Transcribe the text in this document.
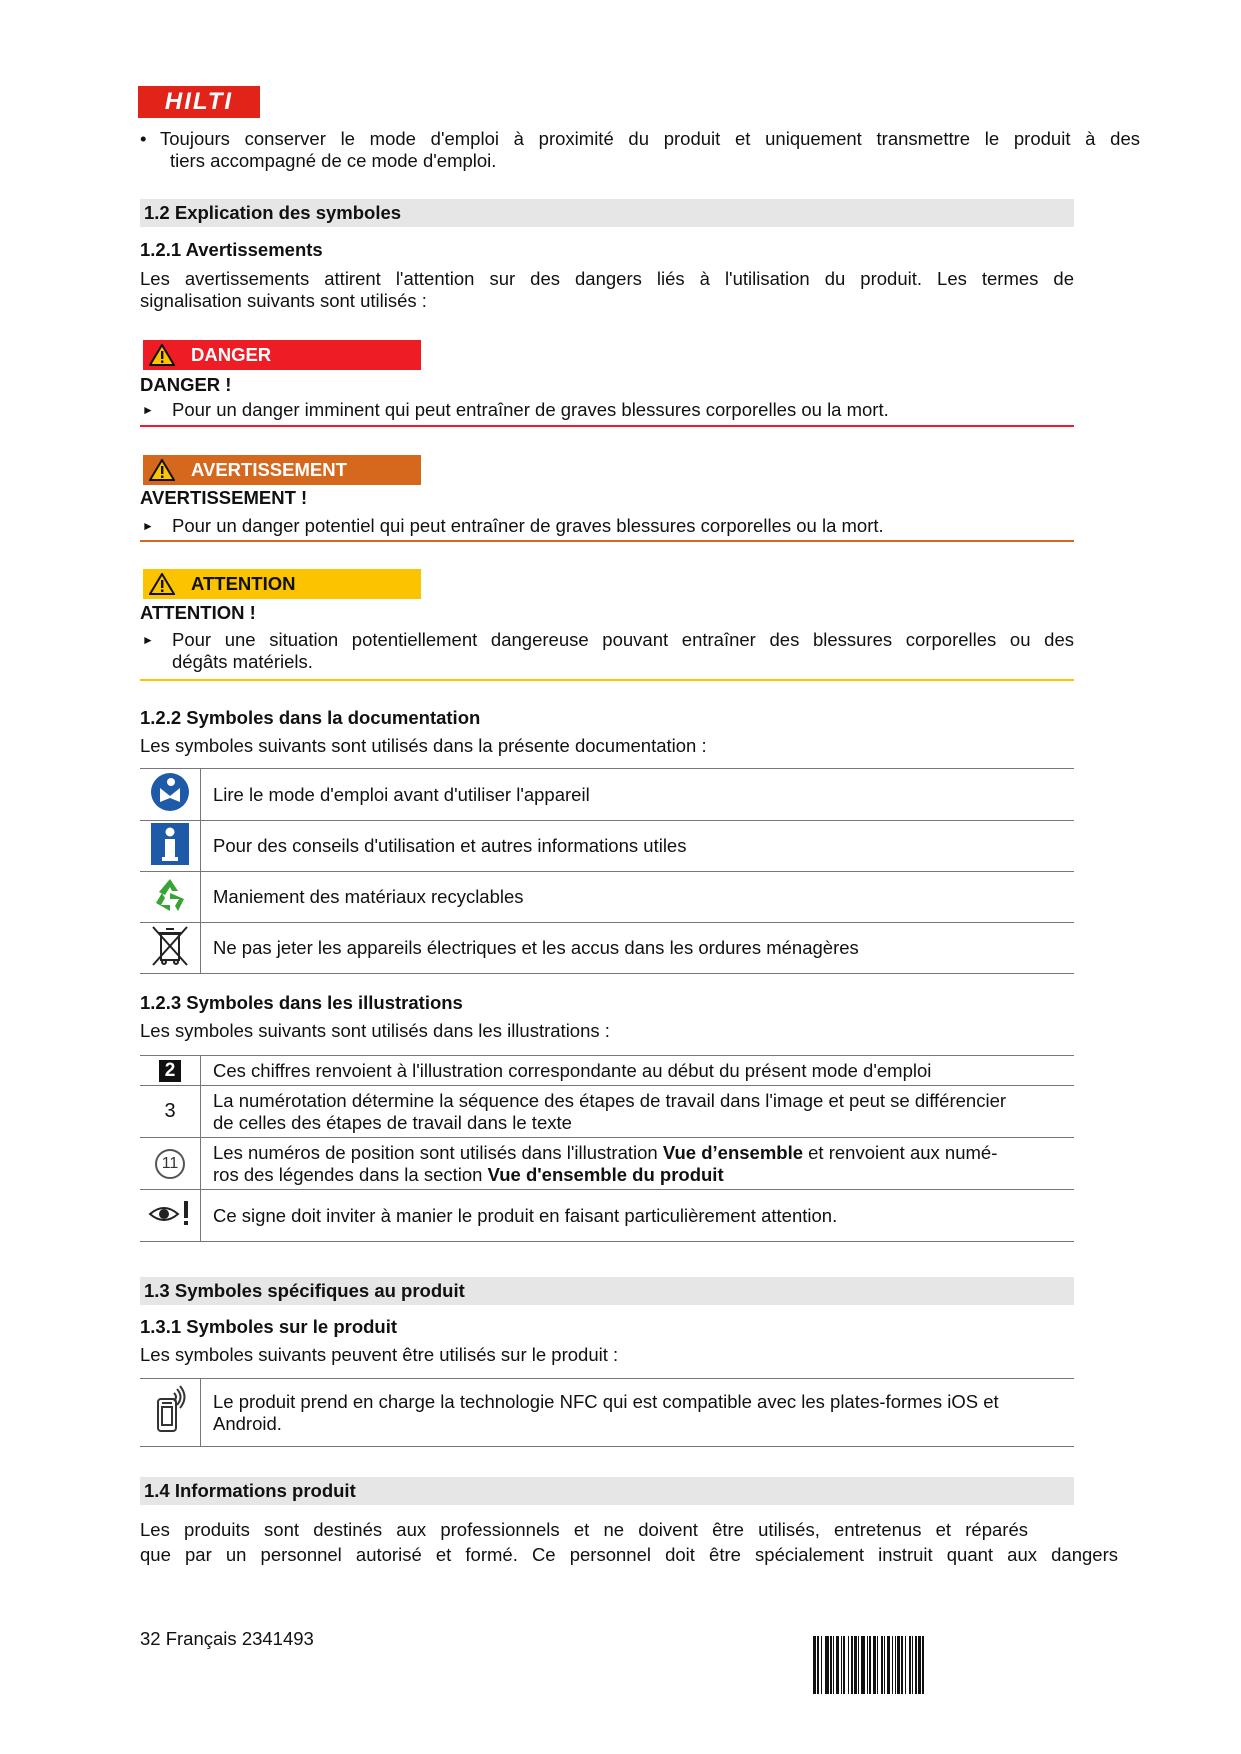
HILTI
• Toujours conserver le mode d'emploi à proximité du produit et uniquement transmettre le produit à des
tiers accompagné de ce mode d'emploi.
1.2 Explication des symboles
1.2.1 Avertissements
Les avertissements attirent l'attention sur des dangers liés à l'utilisation du produit. Les termes de
signalisation suivants sont utilisés :
DANGER
DANGER !
► Pour un danger imminent qui peut entraîner de graves blessures corporelles ou la mort.
AVERTISSEMENT
AVERTISSEMENT !
► Pour un danger potentiel qui peut entraîner de graves blessures corporelles ou la mort.
ATTENTION
ATTENTION !
► Pour une situation potentiellement dangereuse pouvant entraîner des blessures corporelles ou des
dégâts matériels.
1.2.2 Symboles dans la documentation
Les symboles suivants sont utilisés dans la présente documentation :
	Lire le mode d'emploi avant d'utiliser l'appareil
	Pour des conseils d'utilisation et autres informations utiles
	Maniement des matériaux recyclables
	Ne pas jeter les appareils électriques et les accus dans les ordures ménagères
1.2.3 Symboles dans les illustrations
Les symboles suivants sont utilisés dans les illustrations :
2	Ces chiffres renvoient à l'illustration correspondante au début du présent mode d'emploi
3	La numérotation détermine la séquence des étapes de travail dans l'image et peut se différencier
de celles des étapes de travail dans le texte

11	Les numéros de position sont utilisés dans l'illustration Vue d’ensemble et renvoient aux numé-
ros des légendes dans la section Vue d'ensemble du produit

	Ce signe doit inviter à manier le produit en faisant particulièrement attention.
1.3 Symboles spécifiques au produit
1.3.1 Symboles sur le produit
Les symboles suivants peuvent être utilisés sur le produit :

Le produit prend en charge la technologie NFC qui est compatible avec les plates-formes iOS et
Android.
1.4 Informations produit
Les produits sont destinés aux professionnels et ne doivent être utilisés, entretenus et réparés
que par un personnel autorisé et formé. Ce personnel doit être spécialement instruit quant aux dangers
32 Français 2341493
